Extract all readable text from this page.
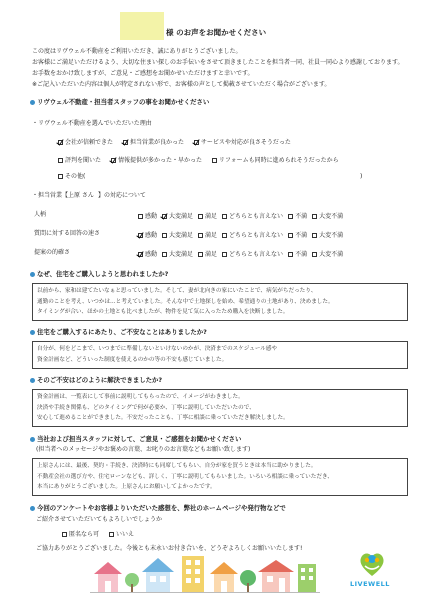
様 のお声をお聞かせください
この度はリヴウェル不動産をご利用いただき、誠にありがとうございました。
お客様にご満足いただけるよう、大切な住まい探しのお手伝いをさせて頂きましたことを担当者一同、社員一同心より感謝しております。
お手数をおかけ致しますが、ご意見・ご感想をお聞かせいただけますと幸いです。
※ご記入いただいた内容は個人が特定されない形で、お客様の声として掲載させていただく場合がございます。
リヴウェル不動産・担当者スタッフの事をお聞かせください
・リヴウェル不動産を選んでいただいた理由
会社が信頼できた	担当営業が良かった	サービスや対応が良さそうだった
評判を聞いた	情報提供が多かった・早かった	リフォームも同時に進められそうだったから
その他(	)
・担当営業【上原 さん 】の対応について
人柄	感動	大変満足	満足	どちらとも言えない	不満	大変不満
質問に対する回答の速さ	感動	大変満足	満足	どちらとも言えない	不満	大変不満
提案の的確さ	感動	大変満足	満足	どちらとも言えない	不満	大変不満
なぜ、住宅をご購入しようと思われましたか?
以前から、家和は建てたいなぁと思っていました。そして、妻が北向きの家にいたことで、病気がちだったり、
通勤のことを考え、いつかは…と考えていました。そんな中で土地探しを始め、希望通りの土地があり、決めました。
タイミングが合い、ほかの土地とも比べましたが、物件を見て気に入ったため購入を決断しました。
住宅をご購入するにあたり、ご不安なことはありましたか?
自分が、何をどこまで、いつまでに準備しないといけないのかが、決済までのスケジュール感や
資金計画など、どういった制度を使えるのかの等の不安も感じていました。
そのご不安はどのように解決できましたか?
資金計画は、一覧表にして事前に説明してもらったので、イメージがわきました。
決済や手続き関係も、どのタイミングで何が必要か、丁寧に説明していただいたので、
安心して進めることができました。不安だったことも、丁寧に相談に乗っていただき解決しました。
当社および担当スタッフに対して、ご意見・ご感想をお聞かせください
(担当者へのメッセージやお褒めの言葉、お叱りのお言葉などもお願い致します)
上原さんには、最後、契約・手続き、決済時にも同席してもらい、自分が家を買うときは本当に助かりました。
不動産会社の選び方や、住宅ローンなども、詳しく、丁寧に説明してもらいました。いろいろ相談に乗っていただき、
本当にありがとうございました。上原さんにお願いしてよかったです。
今回のアンケートやお客様よりいただいた感想を、弊社のホームページや発行物などで
ご紹介させていただいてもよろしいでしょうか
匿名なら可	いいえ
ご協力ありがとうございました。今後とも末永いお付き合いを、どうぞよろしくお願いいたします!
LIVEWELL
